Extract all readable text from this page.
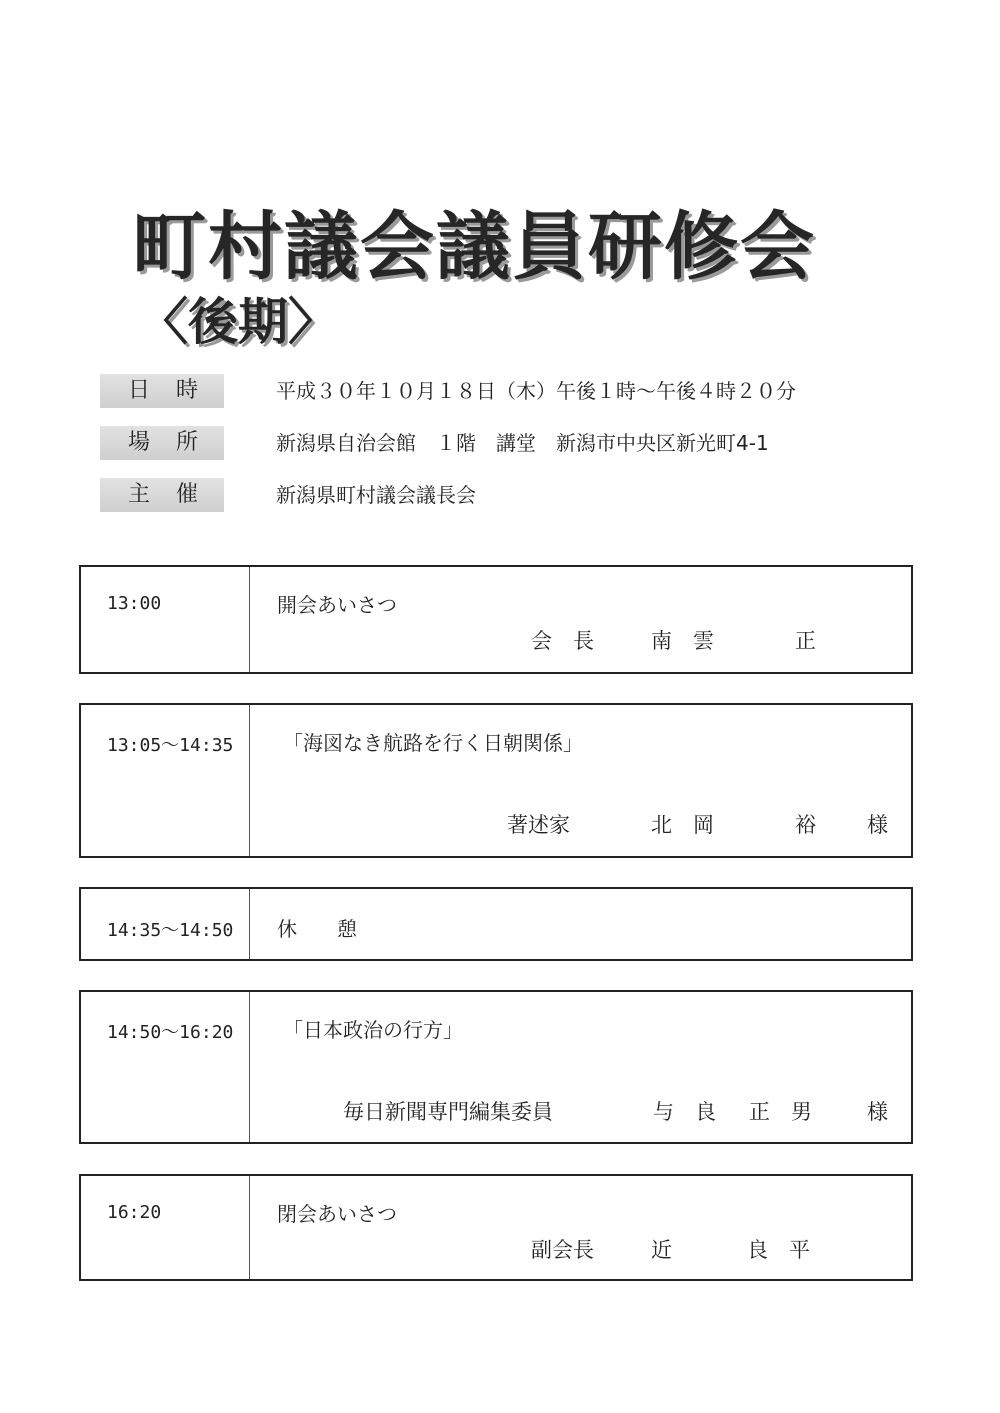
町村議会議員研修会
〈後期〉
日 時	平成３０年１０月１８日（木）午後１時～午後４時２０分
場 所	新潟県自治会館　１階　講堂　新潟市中央区新光町4-1
主 催	新潟県町村議会議長会
13:00	開会あいさつ
会　長	南　雲	正
13:05～14:35 「海図なき航路を行く日朝関係」
著述家	北　岡	裕 様
14:35～14:50 休　　憩
14:50～16:20 「日本政治の行方」
毎日新聞専門編集委員	与　良 正　男	様
16:20	閉会あいさつ
副会長	近	良　平
